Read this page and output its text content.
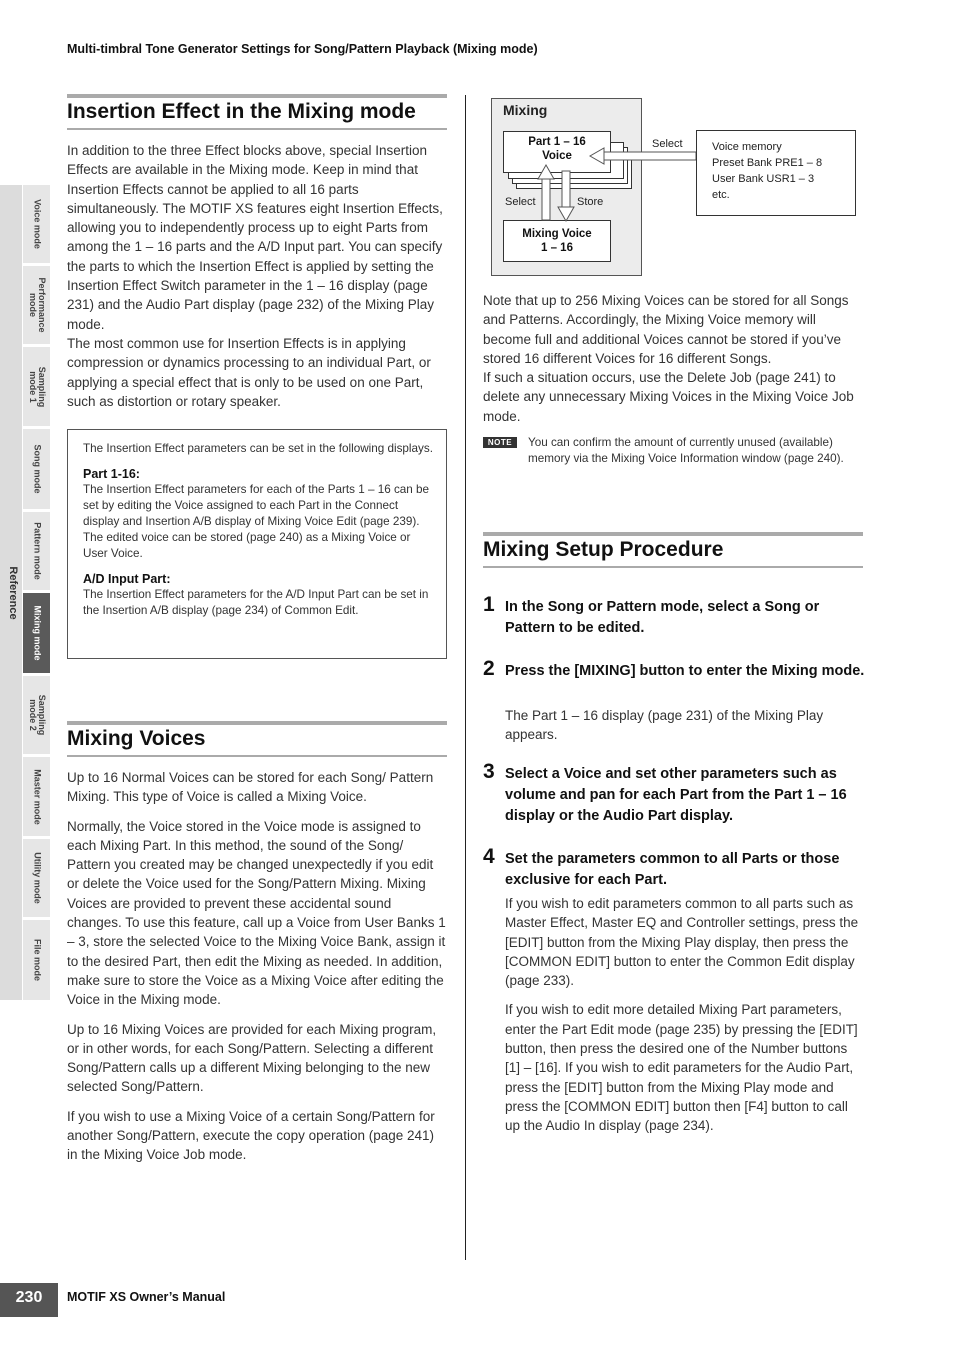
Multi-timbral Tone Generator Settings for Song/Pattern Playback (Mixing mode)
Reference
Voice mode
Performance
mode
Sampling
mode 1
Song mode
Pattern mode
Mixing mode
Sampling
mode 2
Master mode
Utility mode
File mode
Insertion Effect in the Mixing mode

In addition to the three Effect blocks above, special Insertion Effects are available in the Mixing mode. Keep in mind that Insertion Effects cannot be applied to all 16 parts simultaneously. The MOTIF XS features eight Insertion Effects, allowing you to independently process up to eight Parts from among the 1 – 16 parts and the A/D Input part. You can specify the parts to which the Insertion Effect is applied by setting the Insertion Effect Switch parameter in the 1 – 16 display (page 231) and the Audio Part display (page 232) of the Mixing Play mode.

The most common use for Insertion Effects is in applying compression or dynamics processing to an individual Part, or applying a special effect that is only to be used on one Part, such as distortion or rotary speaker.

The Insertion Effect parameters can be set in the following displays.

Part 1-16:

The Insertion Effect parameters for each of the Parts 1 – 16 can be set by editing the Voice assigned to each Part in the Connect display and Insertion A/B display of Mixing Voice Edit (page 239). The edited voice can be stored (page 240) as a Mixing Voice or User Voice.

A/D Input Part:

The Insertion Effect parameters for the A/D Input Part can be set in the Insertion A/B display (page 234) of Common Edit.

Mixing Voices

Up to 16 Normal Voices can be stored for each Song/ Pattern Mixing. This type of Voice is called a Mixing Voice.

Normally, the Voice stored in the Voice mode is assigned to each Mixing Part. In this method, the sound of the Song/ Pattern you created may be changed unexpectedly if you edit or delete the Voice used for the Song/Pattern Mixing. Mixing Voices are provided to prevent these accidental sound changes. To use this feature, call up a Voice from User Banks 1 – 3, store the selected Voice to the Mixing Voice Bank, assign it to the desired Part, then edit the Mixing as needed. In addition, make sure to store the Voice as a Mixing Voice after editing the Voice in the Mixing mode.

Up to 16 Mixing Voices are provided for each Mixing program, or in other words, for each Song/Pattern. Selecting a different Song/Pattern calls up a different Mixing belonging to the new selected Song/Pattern.

If you wish to use a Mixing Voice of a certain Song/Pattern for another Song/Pattern, execute the copy operation (page 241) in the Mixing Voice Job mode.

Mixing
Part 1 – 16
Voice
Mixing Voice
1 – 16
Select	Store
Select	Voice memory
Preset Bank PRE1 – 8
User Bank USR1 – 3
etc.

Note that up to 256 Mixing Voices can be stored for all Songs and Patterns. Accordingly, the Mixing Voice memory will become full and additional Voices cannot be stored if you’ve stored 16 different Voices for 16 different Songs.

If such a situation occurs, use the Delete Job (page 241) to delete any unnecessary Mixing Voices in the Mixing Voice Job mode.

NOTE	You can confirm the amount of currently unused (available) memory via the Mixing Voice Information window (page 240).
Mixing Setup Procedure
1 In the Song or Pattern mode, select a Song or Pattern to be edited.
2 Press the [MIXING] button to enter the Mixing mode.
The Part 1 – 16 display (page 231) of the Mixing Play appears.
3 Select a Voice and set other parameters such as volume and pan for each Part from the Part 1 – 16 display or the Audio Part display.
4 Set the parameters common to all Parts or those exclusive for each Part.

If you wish to edit parameters common to all parts such as Master Effect, Master EQ and Controller settings, press the [EDIT] button from the Mixing Play display, then press the [COMMON EDIT] button to enter the Common Edit display (page 233).

If you wish to edit more detailed Mixing Part parameters, enter the Part Edit mode (page 235) by pressing the [EDIT] button, then press the desired one of the Number buttons [1] – [16]. If you wish to edit parameters for the Audio Part, press the [EDIT] button from the Mixing Play mode and press the [COMMON EDIT] button then [F4] button to call up the Audio In display (page 234).

230	MOTIF XS Owner’s Manual
